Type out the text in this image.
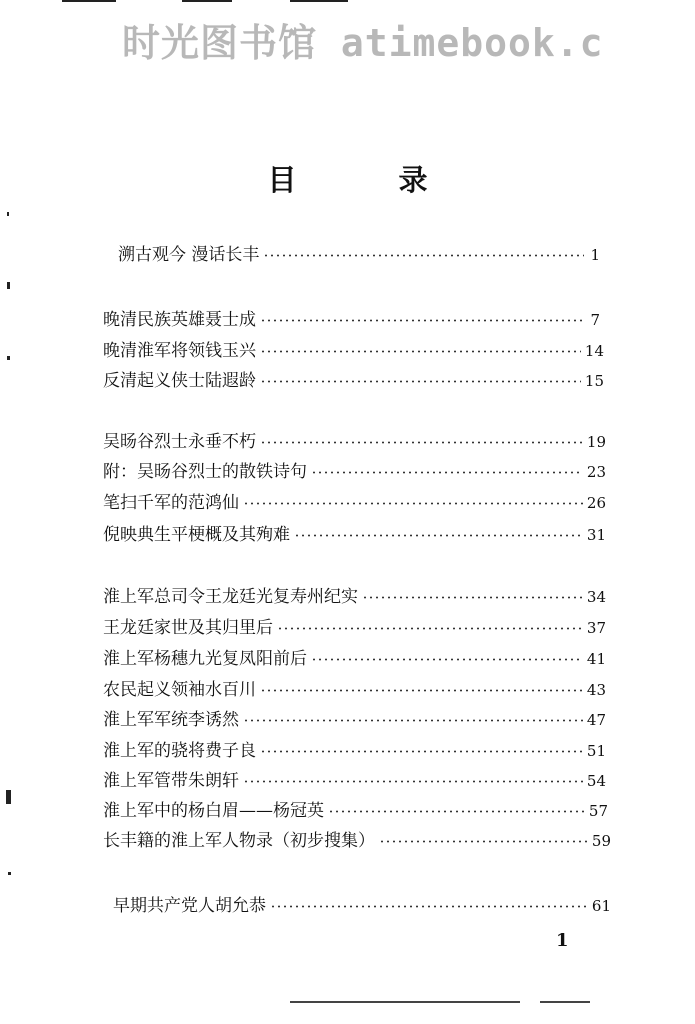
时光图书馆 atimebook.c
目 录
溯古观今 漫话长丰	1
晚清民族英雄聂士成	7
晚清淮军将领钱玉兴	14
反清起义侠士陆遐龄	15
吴旸谷烈士永垂不朽	19
附：吴旸谷烈士的散铁诗句	23
笔扫千军的范鸿仙	26
倪映典生平梗概及其殉难	31
淮上军总司令王龙廷光复寿州纪实	34
王龙廷家世及其归里后	37
淮上军杨穗九光复凤阳前后	41
农民起义领袖水百川	43
淮上军军统李诱然	47
淮上军的骁将费子良	51
淮上军管带朱朗轩	54
淮上军中的杨白眉——杨冠英	57
长丰籍的淮上军人物录（初步搜集）	59
早期共产党人胡允恭	61
1
